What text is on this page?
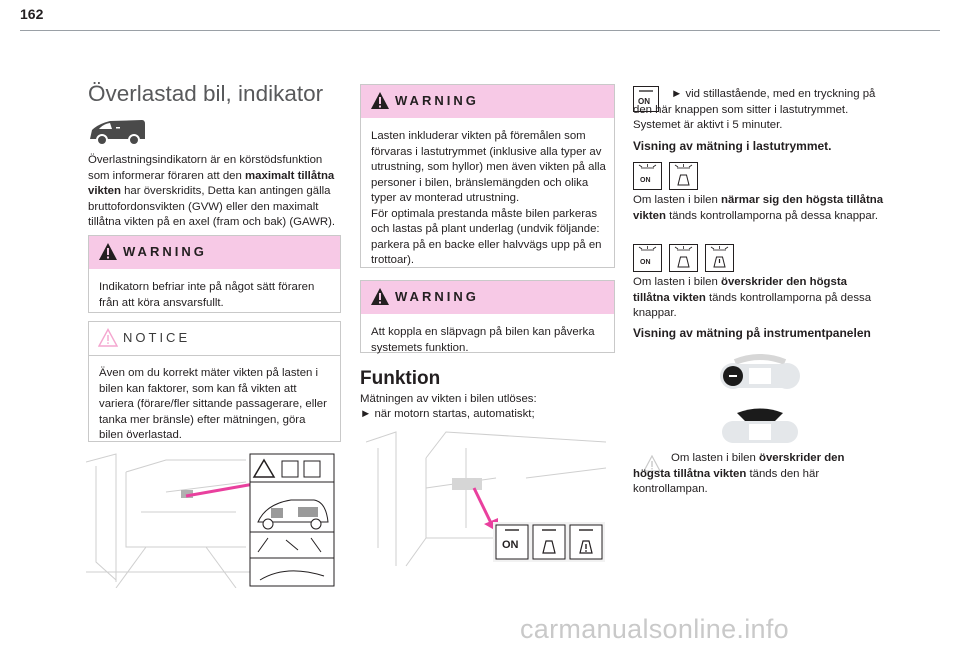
162
Överlastad bil, indikator
Överlastningsindikatorn är en körstödsfunktion som informerar föraren att den maximalt tillåtna vikten har överskridits, Detta kan antingen gälla bruttofordonsvikten (GVW) eller den maximalt tillåtna vikten på en axel (fram och bak) (GAWR).
WARNING
Indikatorn befriar inte på något sätt föraren från att köra ansvarsfullt.
NOTICE
Även om du korrekt mäter vikten på lasten i bilen kan faktorer, som kan få vikten att variera (förare/fler sittande passagerare, eller tanka mer bränsle) efter mätningen, göra bilen överlastad.
WARNING
Lasten inkluderar vikten på föremålen som förvaras i lastutrymmet (inklusive alla typer av utrustning, som hyllor) men även vikten på alla personer i bilen, bränslemängden och olika typer av monterad utrustning.
För optimala prestanda måste bilen parkeras och lastas på plant underlag (undvik följande: parkera på en backe eller halvvägs upp på en trottoar).
WARNING
Att koppla en släpvagn på bilen kan påverka systemets funktion.
Funktion
Mätningen av vikten i bilen utlöses:
► när motorn startas, automatiskt;
ON
ON
► vid stillastående, med en tryckning på den här knappen som sitter i lastutrymmet. Systemet är aktivt i 5 minuter.
Visning av mätning i lastutrymmet.
ON
Om lasten i bilen närmar sig den högsta tillåtna vikten tänds kontrollamporna på dessa knappar.
ON
Om lasten i bilen överskrider den högsta tillåtna vikten tänds kontrollamporna på dessa knappar.
Visning av mätning på instrumentpanelen
Om lasten i bilen överskrider den högsta tillåtna vikten tänds den här kontrollampan.
carmanualsonline.info
